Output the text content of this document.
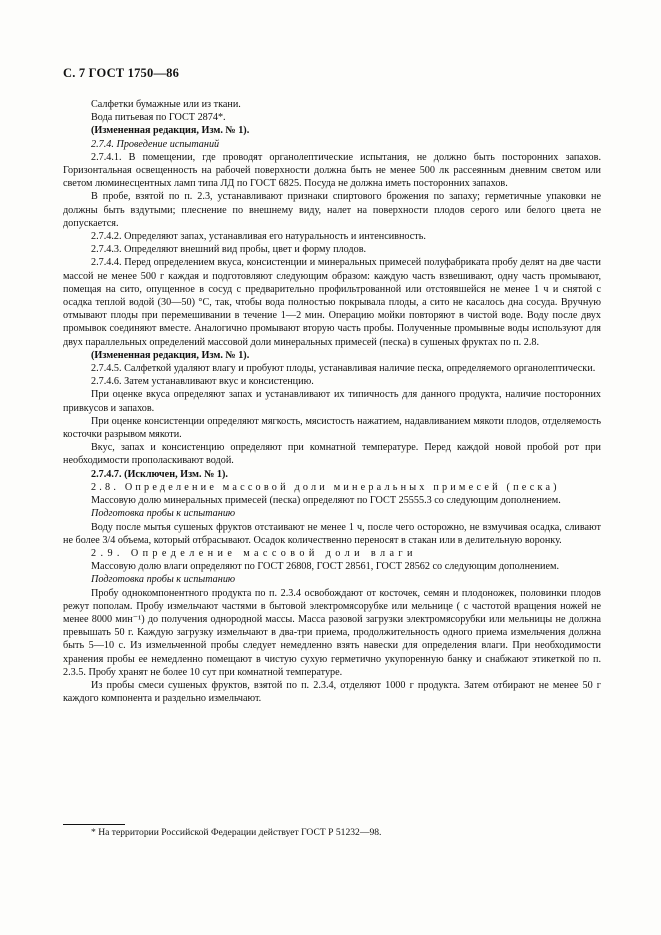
С. 7 ГОСТ 1750—86

Салфетки бумажные или из ткани.

Вода питьевая по ГОСТ 2874*.

(Измененная редакция, Изм. № 1).

2.7.4. Проведение испытаний

2.7.4.1. В помещении, где проводят органолептические испытания, не должно быть посторонних запахов. Горизонтальная освещенность на рабочей поверхности должна быть не менее 500 лк рассеянным дневним светом или светом люминесцентных ламп типа ЛД по ГОСТ 6825. Посуда не должна иметь посторонних запахов.

В пробе, взятой по п. 2.3, устанавливают признаки спиртового брожения по запаху; герметичные упаковки не должны быть вздутыми; плеснение по внешнему виду, налет на поверхности плодов серого или белого цвета не допускается.

2.7.4.2. Определяют запах, устанавливая его натуральность и интенсивность.

2.7.4.3. Определяют внешний вид пробы, цвет и форму плодов.

2.7.4.4. Перед определением вкуса, консистенции и минеральных примесей полуфабриката пробу делят на две части массой не менее 500 г каждая и подготовляют следующим образом: каждую часть взвешивают, одну часть промывают, помещая на сито, опущенное в сосуд с предварительно профильтрованной или отстоявшейся не менее 1 ч и снятой с осадка теплой водой (30—50) °С, так, чтобы вода полностью покрывала плоды, а сито не касалось дна сосуда. Вручную отмывают плоды при перемешивании в течение 1—2 мин. Операцию мойки повторяют в чистой воде. Воду после двух промывок соединяют вместе. Аналогично промывают вторую часть пробы. Полученные промывные воды используют для двух параллельных определений массовой доли минеральных примесей (песка) в сушеных фруктах по п. 2.8.

(Измененная редакция, Изм. № 1).

2.7.4.5. Салфеткой удаляют влагу и пробуют плоды, устанавливая наличие песка, определяемого органолептически.

2.7.4.6. Затем устанавливают вкус и консистенцию.

При оценке вкуса определяют запах и устанавливают их типичность для данного продукта, наличие посторонних привкусов и запахов.

При оценке консистенции определяют мягкость, мясистость нажатием, надавливанием мякоти плодов, отделяемость косточки разрывом мякоти.

Вкус, запах и консистенцию определяют при комнатной температуре. Перед каждой новой пробой рот при необходимости прополаскивают водой.

2.7.4.7. (Исключен, Изм. № 1).

2.8. Определение массовой доли минеральных примесей (песка)

Массовую долю минеральных примесей (песка) определяют по ГОСТ 25555.3 со следующим дополнением.

Подготовка пробы к испытанию

Воду после мытья сушеных фруктов отстаивают не менее 1 ч, после чего осторожно, не взмучивая осадка, сливают не более 3/4 объема, который отбрасывают. Осадок количественно переносят в стакан или в делительную воронку.

2.9. Определение массовой доли влаги

Массовую долю влаги определяют по ГОСТ 26808, ГОСТ 28561, ГОСТ 28562 со следующим дополнением.

Подготовка пробы к испытанию

Пробу однокомпонентного продукта по п. 2.3.4 освобождают от косточек, семян и плодоножек, половинки плодов режут пополам. Пробу измельчают частями в бытовой электромясорубке или мельнице ( с частотой вращения ножей не менее 8000 мин⁻¹) до получения однородной массы. Масса разовой загрузки электромясорубки или мельницы не должна превышать 50 г. Каждую загрузку измельчают в два-три приема, продолжительность одного приема измельчения должна быть 5—10 с. Из измельченной пробы следует немедленно взять навески для определения влаги. При необходимости хранения пробы ее немедленно помещают в чистую сухую герметично укупоренную банку и снабжают этикеткой по п. 2.3.5. Пробу хранят не более 10 сут при комнатной температуре.

Из пробы смеси сушеных фруктов, взятой по п. 2.3.4, отделяют 1000 г продукта. Затем отбирают не менее 50 г каждого компонента и раздельно измельчают.

* На территории Российской Федерации действует ГОСТ Р 51232—98.
